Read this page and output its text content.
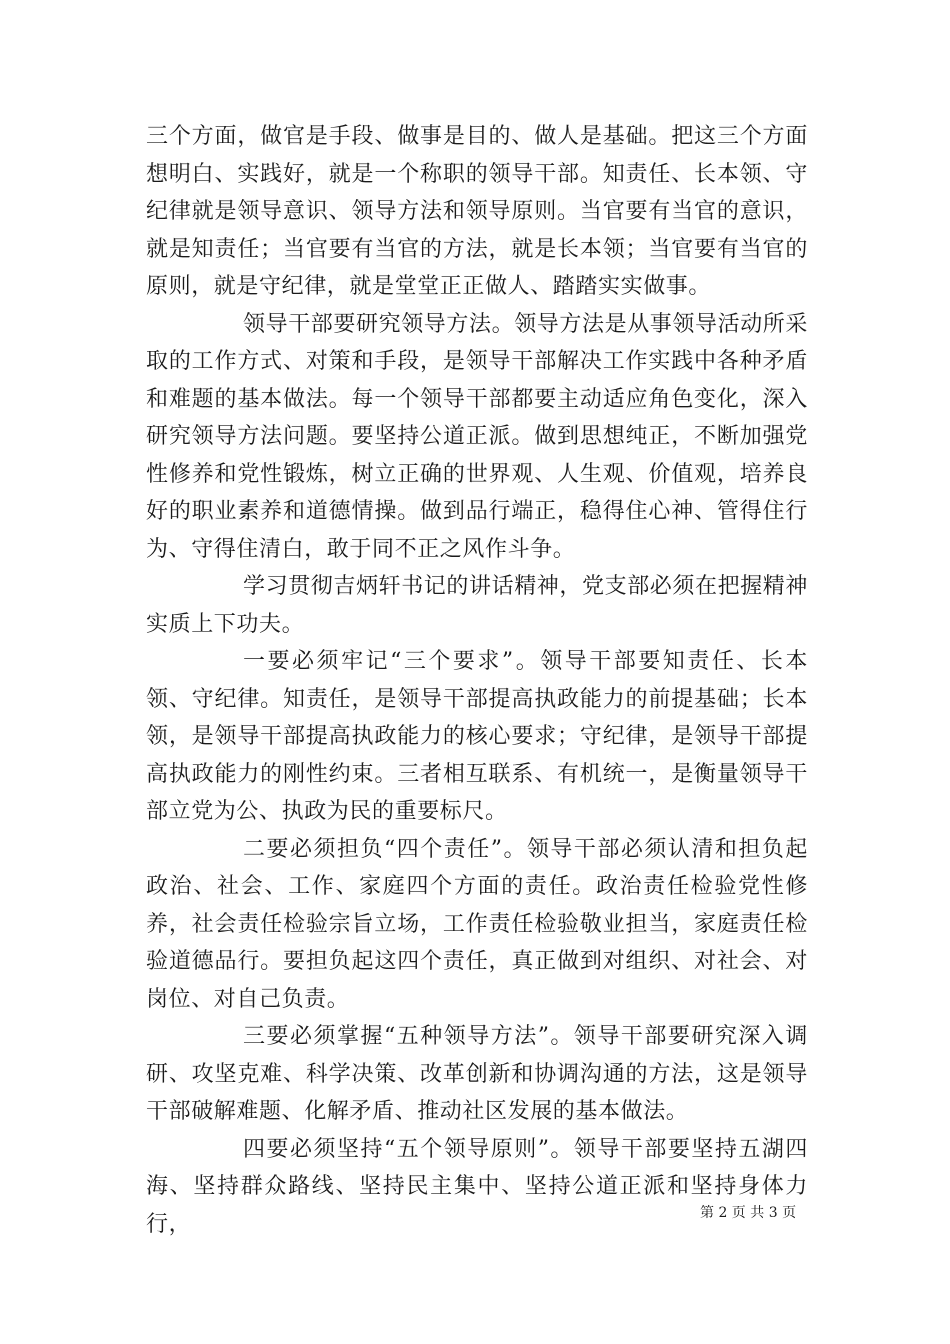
三个方面，做官是手段、做事是目的、做人是基础。把这三个方面想明白、实践好，就是一个称职的领导干部。知责任、长本领、守纪律就是领导意识、领导方法和领导原则。当官要有当官的意识，就是知责任；当官要有当官的方法，就是长本领；当官要有当官的原则，就是守纪律，就是堂堂正正做人、踏踏实实做事。

领导干部要研究领导方法。领导方法是从事领导活动所采取的工作方式、对策和手段，是领导干部解决工作实践中各种矛盾和难题的基本做法。每一个领导干部都要主动适应角色变化，深入研究领导方法问题。要坚持公道正派。做到思想纯正，不断加强党性修养和党性锻炼，树立正确的世界观、人生观、价值观，培养良好的职业素养和道德情操。做到品行端正，稳得住心神、管得住行为、守得住清白，敢于同不正之风作斗争。

学习贯彻吉炳轩书记的讲话精神，党支部必须在把握精神实质上下功夫。

一要必须牢记“三个要求”。领导干部要知责任、长本领、守纪律。知责任，是领导干部提高执政能力的前提基础；长本领，是领导干部提高执政能力的核心要求；守纪律，是领导干部提高执政能力的刚性约束。三者相互联系、有机统一，是衡量领导干部立党为公、执政为民的重要标尺。

二要必须担负“四个责任”。领导干部必须认清和担负起政治、社会、工作、家庭四个方面的责任。政治责任检验党性修养，社会责任检验宗旨立场，工作责任检验敬业担当，家庭责任检验道德品行。要担负起这四个责任，真正做到对组织、对社会、对岗位、对自己负责。

三要必须掌握“五种领导方法”。领导干部要研究深入调研、攻坚克难、科学决策、改革创新和协调沟通的方法，这是领导干部破解难题、化解矛盾、推动社区发展的基本做法。

四要必须坚持“五个领导原则”。领导干部要坚持五湖四海、坚持群众路线、坚持民主集中、坚持公道正派和坚持身体力行，	第 2 页 共 3 页
